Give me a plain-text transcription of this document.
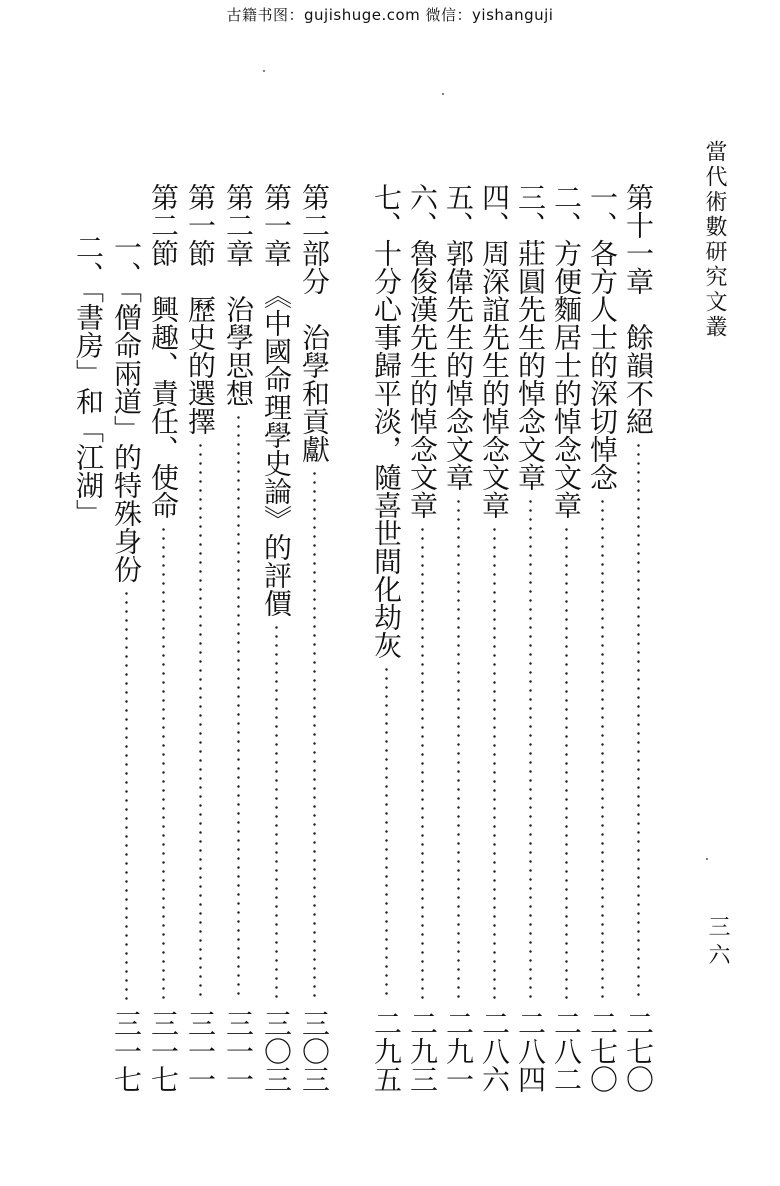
古籍书图：gujishuge.com 微信：yishanguji
當代術數研究文叢
第十一章　餘韻不絕
二七〇
一、各方人士的深切悼念
二七〇
二、方便麵居士的悼念文章
二八二
三、莊圓先生的悼念文章
二八四
四、周深誼先生的悼念文章
二八六
五、郭偉先生的悼念文章
二九一
六、魯俊漢先生的悼念文章
二九三
七、十分心事歸平淡，隨喜世間化劫灰
二九五
第二部分　治學和貢獻
三〇三
第一章　《中國命理學史論》的評價
三〇三
第二章　治學思想
三一一
第一節　歷史的選擇
三一一
第二節　興趣、責任、使命
三一七
一、「僧命兩道」的特殊身份
三一七
二、「書房」和「江湖」
三六
